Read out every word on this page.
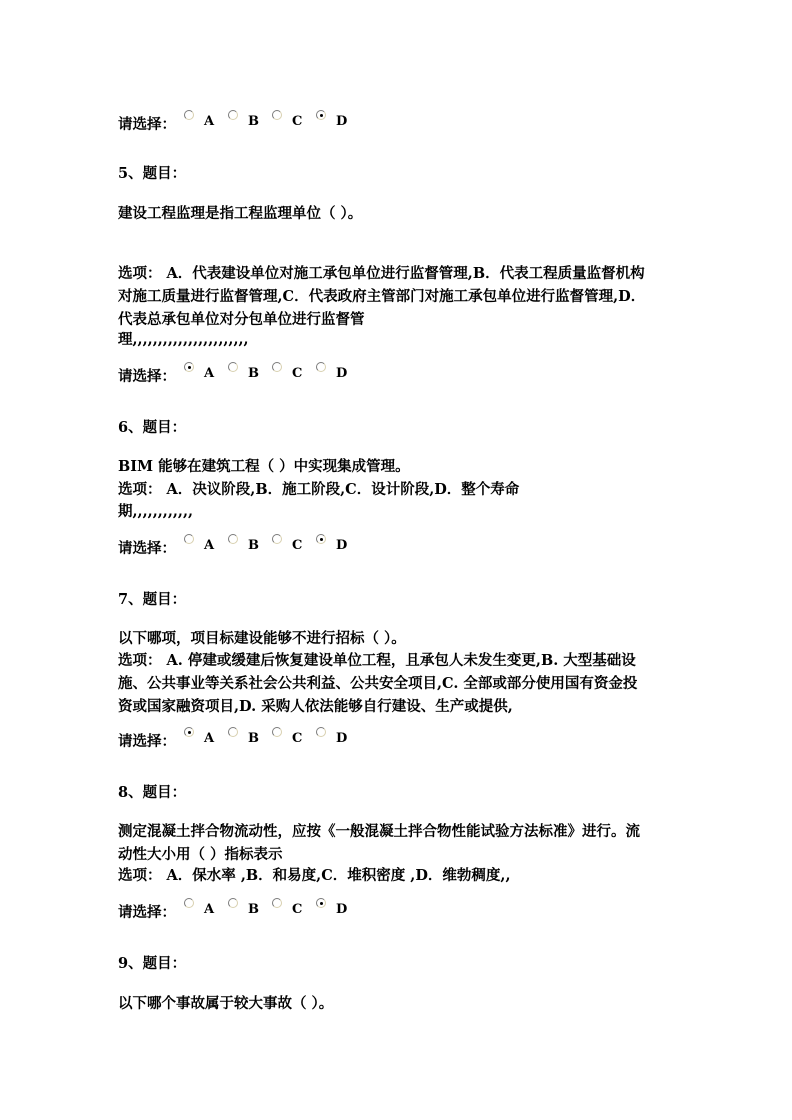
请选择： A	B	C	D
5、题目：
建设工程监理是指工程监理单位（ ）。
选项： A．代表建设单位对施工承包单位进行监督管理,B．代表工程质量监督机构对施工质量进行监督管理,C．代表政府主管部门对施工承包单位进行监督管理,D．代表总承包单位对分包单位进行监督管
理,,,,,,,,,,,,,,,,,,,,,,,
请选择： A	B	C	D
6、题目：
BIM 能够在建筑工程（ ）中实现集成管理。
选项： A．决议阶段,B．施工阶段,C．设计阶段,D．整个寿命
期,,,,,,,,,,,,
请选择： A	B	C	D
7、题目：
以下哪项，项目标建设能够不进行招标（ ）。
选项： A. 停建或缓建后恢复建设单位工程，且承包人未发生变更,B. 大型基础设施、公共事业等关系社会公共利益、公共安全项目,C. 全部或部分使用国有资金投资或国家融资项目,D. 采购人依法能够自行建设、生产或提供,
请选择： A	B	C	D
8、题目：
测定混凝土拌合物流动性，应按《一般混凝土拌合物性能试验方法标准》进行。流动性大小用（ ）指标表示
选项： A．保水率 ,B．和易度,C．堆积密度 ,D．维勃稠度,,
请选择： A	B	C	D
9、题目：
以下哪个事故属于较大事故（ ）。
